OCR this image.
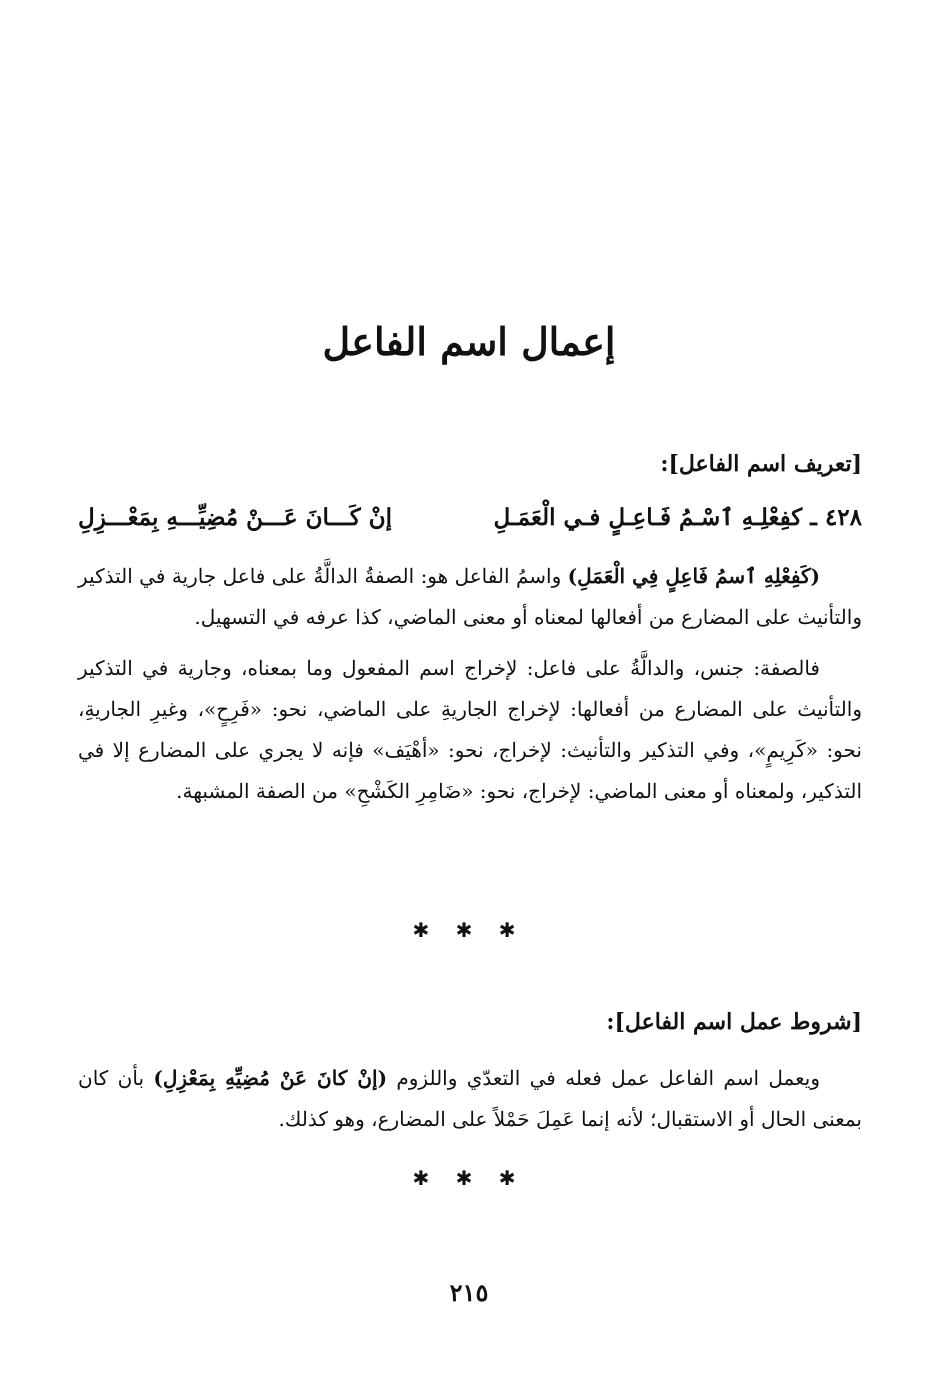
إعمال اسم الفاعل
[تعريف اسم الفاعل]:
٤٢٨ ـ كفِعْلِـهِ ٱسْـمُ فَـاعِـلٍ فـي الْعَمَـلِ
إنْ كَـــانَ عَـــنْ مُضِيِّـــهِ بِمَعْـــزِلِ
(كَفِعْلِهِ ٱسمُ فَاعِلٍ فِي الْعَمَلِ) واسمُ الفاعل هو: الصفةُ الدالَّةُ على فاعل جارية في التذكير والتأنيث على المضارع من أفعالها لمعناه أو معنى الماضي، كذا عرفه في التسهيل.
فالصفة: جنس، والدالَّةُ على فاعل: لإخراج اسم المفعول وما بمعناه، وجارية في التذكير والتأنيث على المضارع من أفعالها: لإخراج الجاريةِ على الماضي، نحو: «فَرِحٍ»، وغيرِ الجاريةِ، نحو: «كَرِيمٍ»، وفي التذكير والتأنيث: لإخراج، نحو: «أهْيَف» فإنه لا يجري على المضارع إلا في التذكير، ولمعناه أو معنى الماضي: لإخراج، نحو: «ضَامِرِ الكَشْحِ» من الصفة المشبهة.
✱ ✱ ✱
[شروط عمل اسم الفاعل]:
ويعمل اسم الفاعل عمل فعله في التعدّي واللزوم (إنْ كانَ عَنْ مُضِيِّهِ بِمَعْزِلِ) بأن كان بمعنى الحال أو الاستقبال؛ لأنه إنما عَمِلَ حَمْلاً على المضارع، وهو كذلك.
✱ ✱ ✱
٢١٥
